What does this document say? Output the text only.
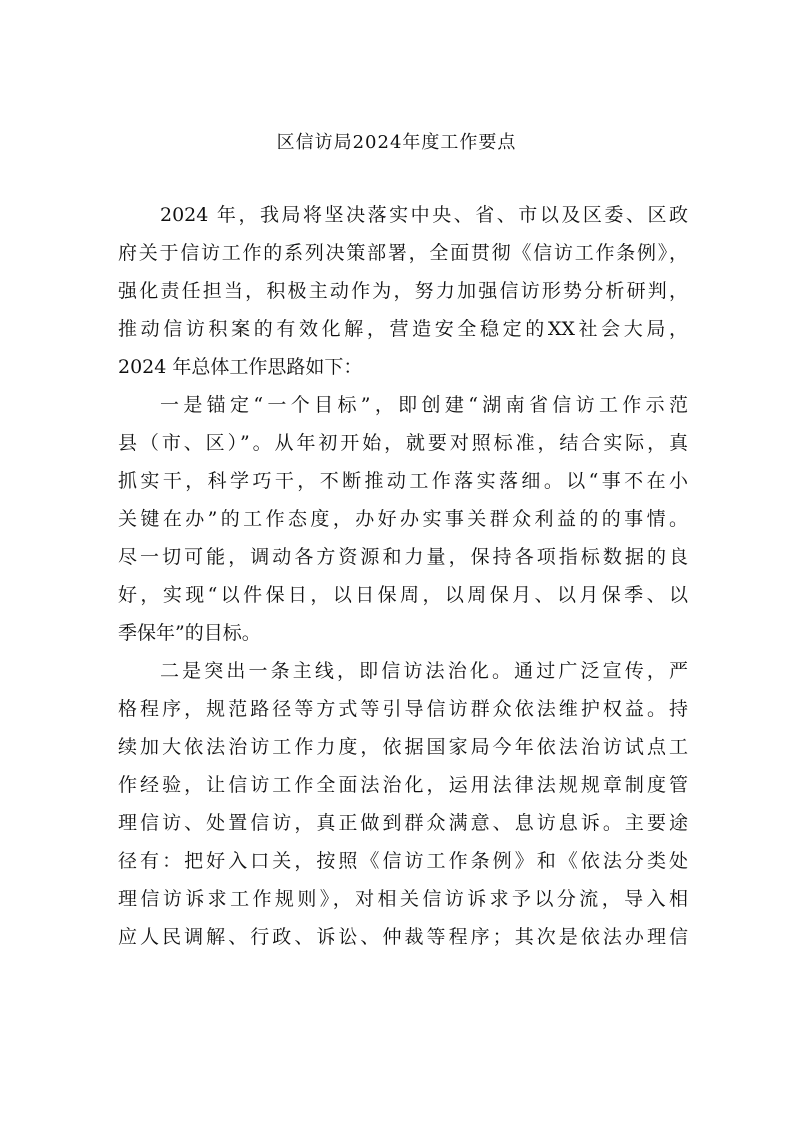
区信访局2024年度工作要点
2024 年，我局将坚决落实中央、省、市以及区委、区政
府关于信访工作的系列决策部署，全面贯彻《信访工作条例》，
强化责任担当，积极主动作为，努力加强信访形势分析研判，
推动信访积案的有效化解，营造安全稳定的XX社会大局，
2024 年总体工作思路如下：
一是锚定“一个目标”，即创建“湖南省信访工作示范
县（市、区）”。从年初开始，就要对照标准，结合实际，真
抓实干，科学巧干，不断推动工作落实落细。以“事不在小
关键在办”的工作态度，办好办实事关群众利益的的事情。
尽一切可能，调动各方资源和力量，保持各项指标数据的良
好，实现“以件保日，以日保周，以周保月、以月保季、以
季保年”的目标。
二是突出一条主线，即信访法治化。通过广泛宣传，严
格程序，规范路径等方式等引导信访群众依法维护权益。持
续加大依法治访工作力度，依据国家局今年依法治访试点工
作经验，让信访工作全面法治化，运用法律法规规章制度管
理信访、处置信访，真正做到群众满意、息访息诉。主要途
径有：把好入口关，按照《信访工作条例》和《依法分类处
理信访诉求工作规则》，对相关信访诉求予以分流，导入相
应人民调解、行政、诉讼、仲裁等程序；其次是依法办理信
